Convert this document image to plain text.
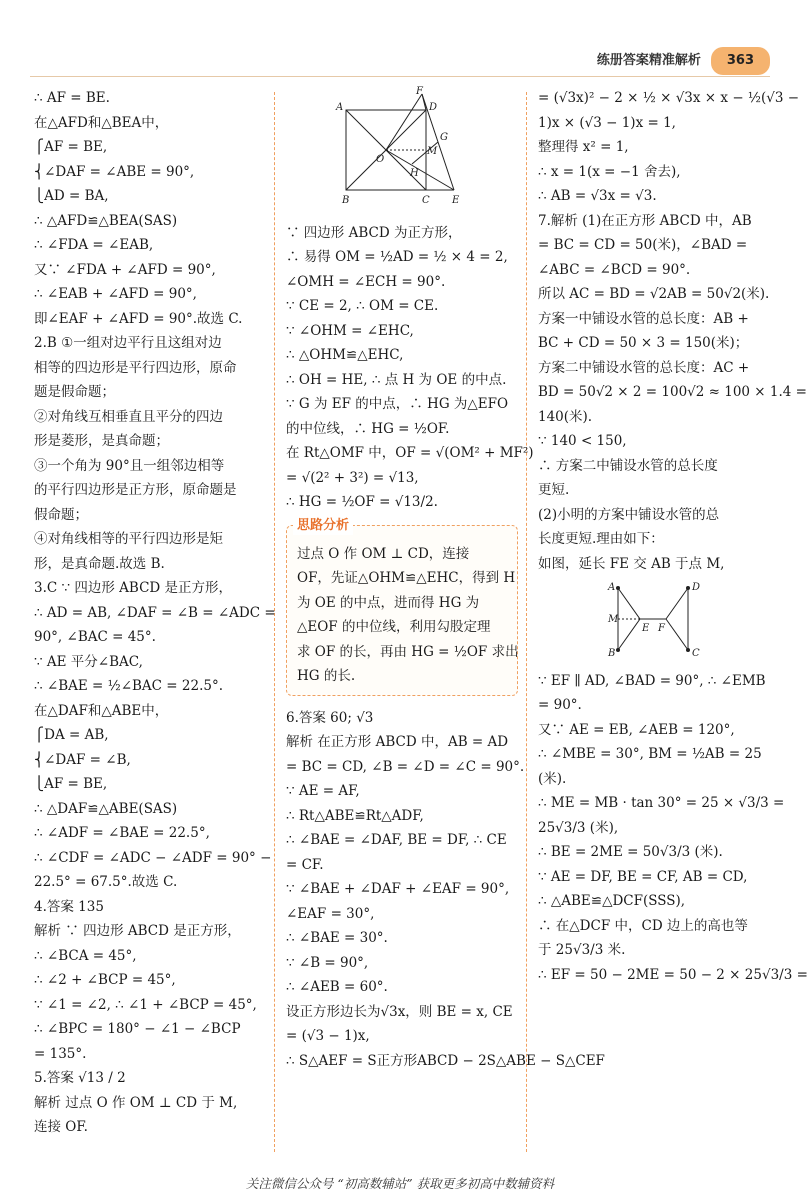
练册答案精准解析	363
∴ AF = BE.
在△AFD和△BEA中，
⎧AF = BE,
⎨∠DAF = ∠ABE = 90°,
⎩AD = BA,
∴ △AFD≌△BEA(SAS)
∴ ∠FDA = ∠EAB,
又∵ ∠FDA + ∠AFD = 90°,
∴ ∠EAB + ∠AFD = 90°,
即∠EAF + ∠AFD = 90°.故选 C.
2.B ①一组对边平行且这组对边
相等的四边形是平行四边形，原命
题是假命题；
②对角线互相垂直且平分的四边
形是菱形，是真命题；
③一个角为 90°且一组邻边相等
的平行四边形是正方形，原命题是
假命题；
④对角线相等的平行四边形是矩
形，是真命题.故选 B.
3.C ∵ 四边形 ABCD 是正方形，
∴ AD = AB, ∠DAF = ∠B = ∠ADC =
90°, ∠BAC = 45°.
∵ AE 平分∠BAC,
∴ ∠BAE = ½∠BAC = 22.5°.
在△DAF和△ABE中，
⎧DA = AB,
⎨∠DAF = ∠B,
⎩AF = BE,
∴ △DAF≌△ABE(SAS)
∴ ∠ADF = ∠BAE = 22.5°,
∴ ∠CDF = ∠ADC − ∠ADF = 90° −
22.5° = 67.5°.故选 C.
4.答案 135
解析 ∵ 四边形 ABCD 是正方形，
∴ ∠BCA = 45°,
∴ ∠2 + ∠BCP = 45°,
∵ ∠1 = ∠2, ∴ ∠1 + ∠BCP = 45°,
∴ ∠BPC = 180° − ∠1 − ∠BCP
= 135°.
5.答案 √13 / 2
解析 过点 O 作 OM ⊥ CD 于 M,
连接 OF.
A	D
F
G
M
O
H
B	C E
∵ 四边形 ABCD 为正方形，
∴ 易得 OM = ½AD = ½ × 4 = 2,
∠OMH = ∠ECH = 90°.
∵ CE = 2, ∴ OM = CE.
∵ ∠OHM = ∠EHC,
∴ △OHM≌△EHC,
∴ OH = HE, ∴ 点 H 为 OE 的中点.
∵ G 为 EF 的中点，∴ HG 为△EFO
的中位线，∴ HG = ½OF.
在 Rt△OMF 中，OF = √(OM² + MF²)
= √(2² + 3²) = √13,
∴ HG = ½OF = √13/2.
思路分析
过点 O 作 OM ⊥ CD，连接
OF，先证△OHM≌△EHC，得到 H
为 OE 的中点，进而得 HG 为
△EOF 的中位线，利用勾股定理
求 OF 的长，再由 HG = ½OF 求出
HG 的长.
6.答案 60; √3
解析 在正方形 ABCD 中，AB = AD
= BC = CD, ∠B = ∠D = ∠C = 90°.
∵ AE = AF,
∴ Rt△ABE≌Rt△ADF,
∴ ∠BAE = ∠DAF, BE = DF, ∴ CE
= CF.
∵ ∠BAE + ∠DAF + ∠EAF = 90°,
∠EAF = 30°,
∴ ∠BAE = 30°.
∵ ∠B = 90°,
∴ ∠AEB = 60°.
设正方形边长为√3x，则 BE = x, CE
= (√3 − 1)x,
∴ S△AEF = S正方形ABCD − 2S△ABE − S△CEF
= (√3x)² − 2 × ½ × √3x × x − ½(√3 −
1)x × (√3 − 1)x = 1,
整理得 x² = 1,
∴ x = 1(x = −1 舍去),
∴ AB = √3x = √3.
7.解析 (1)在正方形 ABCD 中，AB
= BC = CD = 50(米)，∠BAD =
∠ABC = ∠BCD = 90°.
所以 AC = BD = √2AB = 50√2(米).
方案一中铺设水管的总长度：AB +
BC + CD = 50 × 3 = 150(米)；
方案二中铺设水管的总长度：AC +
BD = 50√2 × 2 = 100√2 ≈ 100 × 1.4 =
140(米).
∵ 140 < 150,
∴ 方案二中铺设水管的总长度
更短.
(2)小明的方案中铺设水管的总
长度更短.理由如下：
如图，延长 FE 交 AB 于点 M,
A	D
M
E F
B	C
∵ EF ∥ AD, ∠BAD = 90°, ∴ ∠EMB
= 90°.
又∵ AE = EB, ∠AEB = 120°,
∴ ∠MBE = 30°, BM = ½AB = 25
(米).
∴ ME = MB · tan 30° = 25 × √3/3 =
25√3/3 (米),
∴ BE = 2ME = 50√3/3 (米).
∵ AE = DF, BE = CF, AB = CD,
∴ △ABE≌△DCF(SSS),
∴ 在△DCF 中，CD 边上的高也等
于 25√3/3 米.
∴ EF = 50 − 2ME = 50 − 2 × 25√3/3 =
关注微信公众号 “初高数辅站” 获取更多初高中数辅资料
